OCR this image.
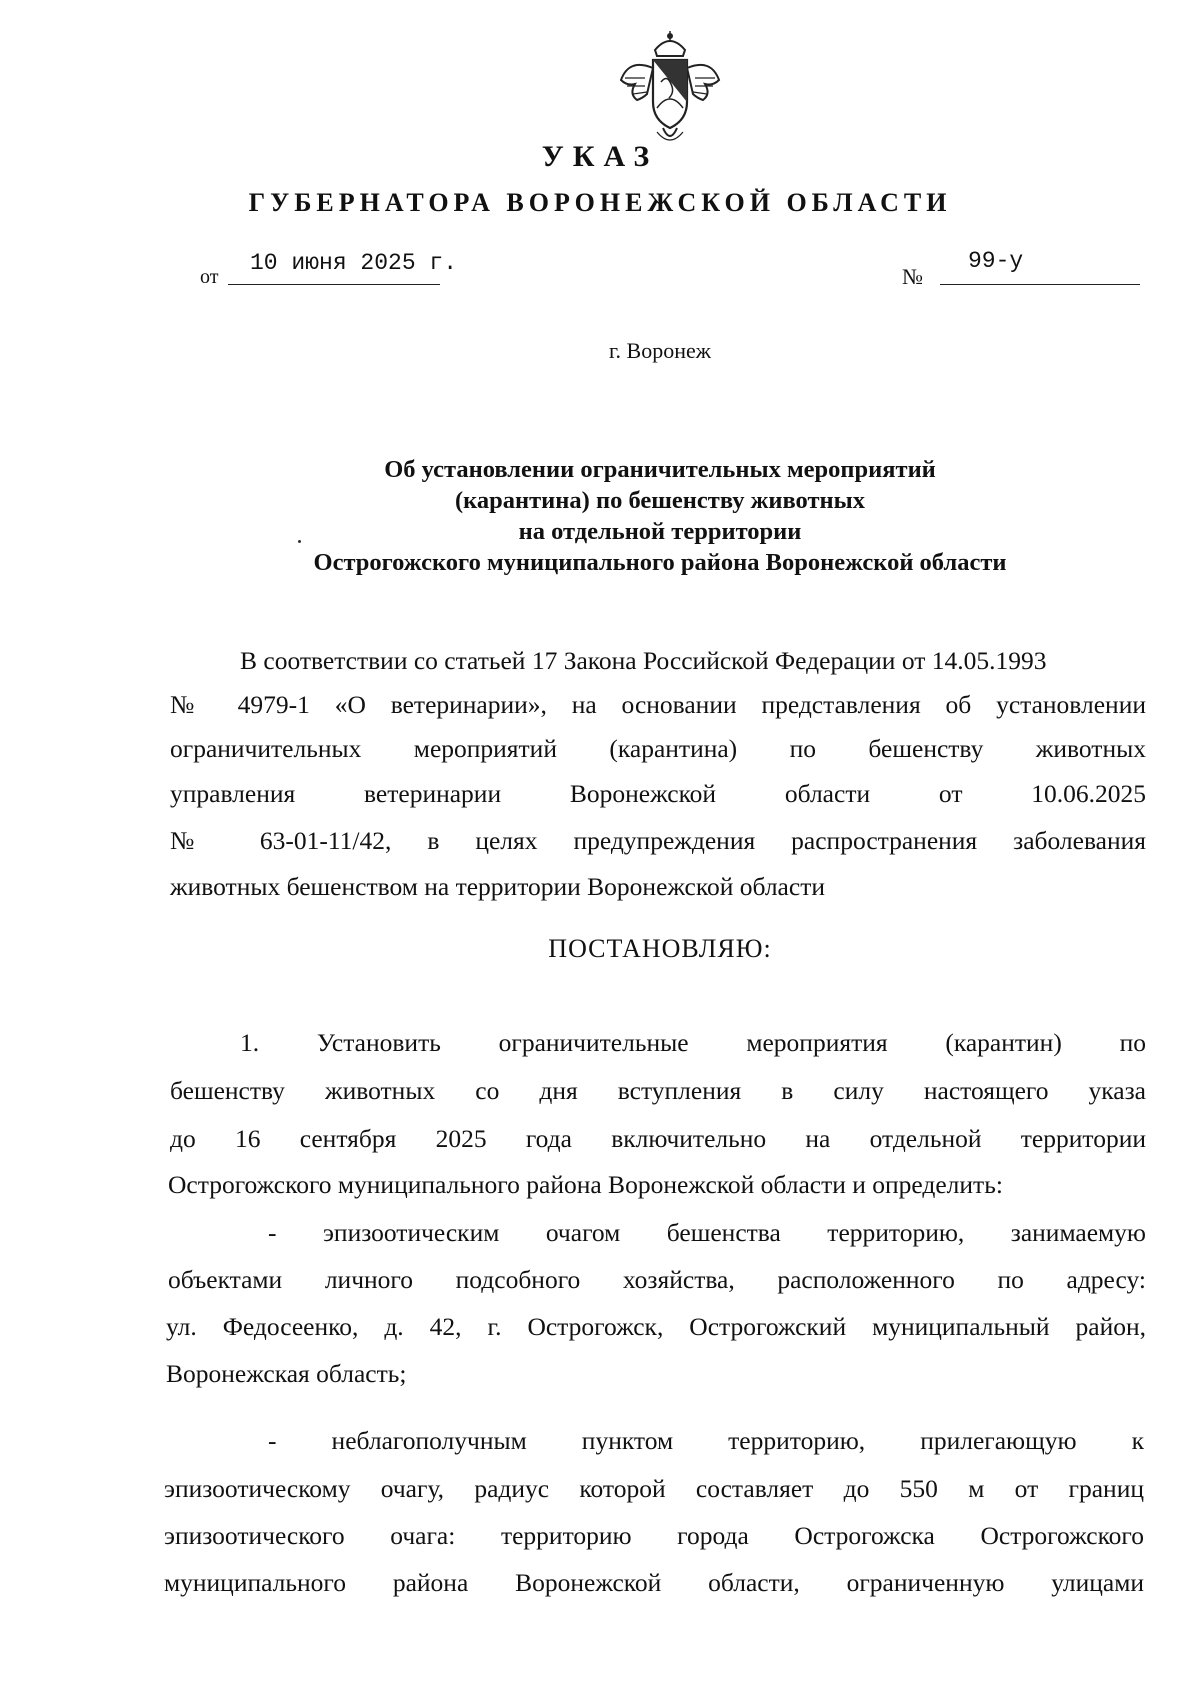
УКАЗ
ГУБЕРНАТОРА ВОРОНЕЖСКОЙ ОБЛАСТИ
от
10 июня 2025 г.
№
99-у
г. Воронеж
Об установлении ограничительных мероприятий
(карантина) по бешенству животных
на отдельной территории
Острогожского муниципального района Воронежской области

В соответствии со статьей 17 Закона Российской Федерации от 14.05.1993

№ 4979-1 «О ветеринарии», на основании представления об установлении

ограничительных мероприятий (карантина) по бешенству животных

управления ветеринарии Воронежской области от 10.06.2025

№ 63-01-11/42, в целях предупреждения распространения заболевания

животных бешенством на территории Воронежской области

ПОСТАНОВЛЯЮ:

1. Установить ограничительные мероприятия (карантин) по

бешенству животных со дня вступления в силу настоящего указа

до 16 сентября 2025 года включительно на отдельной территории

Острогожского муниципального района Воронежской области и определить:

- эпизоотическим очагом бешенства территорию, занимаемую

объектами личного подсобного хозяйства, расположенного по адресу:

ул. Федосеенко, д. 42, г. Острогожск, Острогожский муниципальный район,

Воронежская область;

- неблагополучным пунктом территорию, прилегающую к

эпизоотическому очагу, радиус которой составляет до 550 м от границ

эпизоотического очага: территорию города Острогожска Острогожского

муниципального района Воронежской области, ограниченную улицами
